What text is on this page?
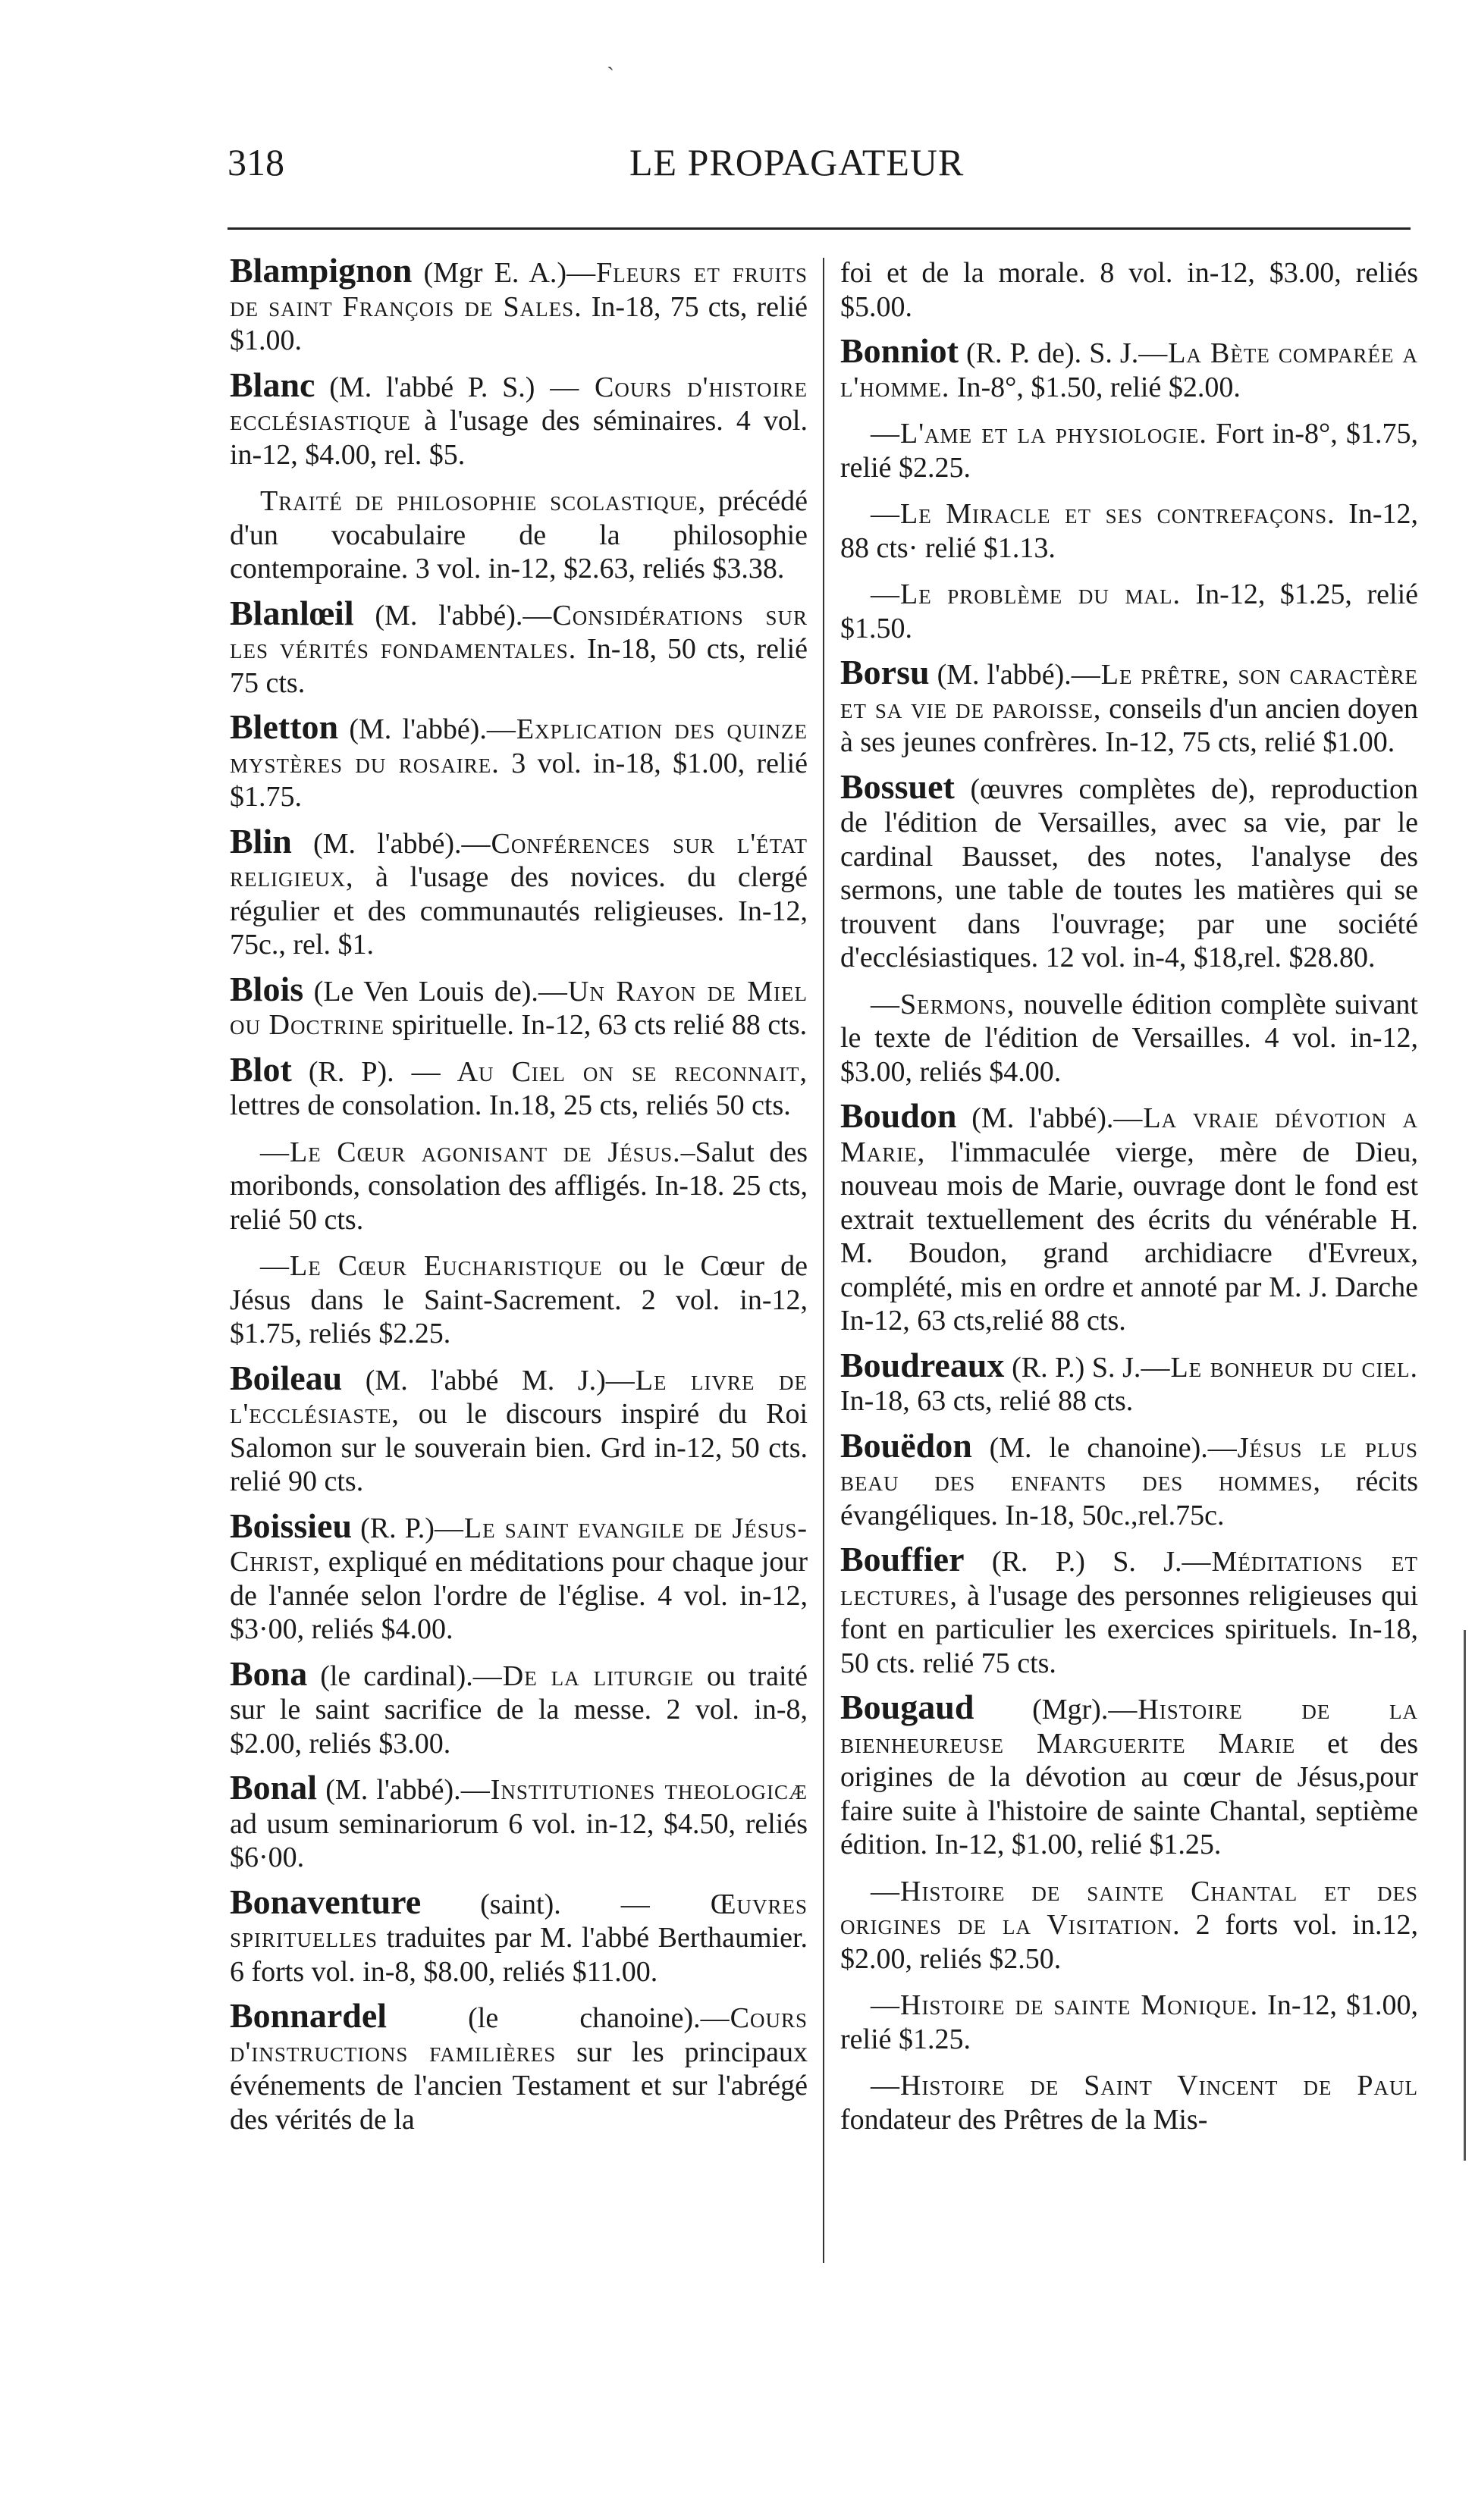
ˎ
318	LE PROPAGATEUR

Blampignon (Mgr E. A.)—Fleurs et fruits de saint François de Sales. In-18, 75 cts, relié $1.00.

Blanc (M. l'abbé P. S.) — Cours d'histoire ecclésiastique à l'usage des séminaires. 4 vol. in-12, $4.00, rel. $5.

Traité de philosophie scolastique, précédé d'un vocabulaire de la philosophie contemporaine. 3 vol. in-12, $2.63, reliés $3.38.

Blanlœil (M. l'abbé).—Considérations sur les vérités fondamentales. In-18, 50 cts, relié 75 cts.

Bletton (M. l'abbé).—Explication des quinze mystères du rosaire. 3 vol. in-18, $1.00, relié $1.75.

Blin (M. l'abbé).—Conférences sur l'état religieux, à l'usage des novices. du clergé régulier et des communautés religieuses. In-12, 75c., rel. $1.

Blois (Le Ven Louis de).—Un Rayon de Miel ou Doctrine spirituelle. In-12, 63 cts relié 88 cts.

Blot (R. P). — Au Ciel on se reconnait, lettres de consolation. In.18, 25 cts, reliés 50 cts.

—Le Cœur agonisant de Jésus.–Salut des moribonds, consolation des affligés. In-18. 25 cts, relié 50 cts.

—Le Cœur Eucharistique ou le Cœur de Jésus dans le Saint-Sacrement. 2 vol. in-12, $1.75, reliés $2.25.

Boileau (M. l'abbé M. J.)—Le livre de l'ecclésiaste, ou le discours inspiré du Roi Salomon sur le souverain bien. Grd in-12, 50 cts. relié 90 cts.

Boissieu (R. P.)—Le saint evangile de Jésus-Christ, expliqué en méditations pour chaque jour de l'année selon l'ordre de l'église. 4 vol. in-12, $3·00, reliés $4.00.

Bona (le cardinal).—De la liturgie ou traité sur le saint sacrifice de la messe. 2 vol. in-8, $2.00, reliés $3.00.

Bonal (M. l'abbé).—Institutiones theologicæ ad usum seminariorum 6 vol. in-12, $4.50, reliés $6·00.

Bonaventure (saint). — Œuvres spirituelles traduites par M. l'abbé Berthaumier. 6 forts vol. in-8, $8.00, reliés $11.00.

Bonnardel	(le chanoine).—Cours d'instructions familières sur les principaux événements de l'ancien Testament et sur l'abrégé des vérités de la

foi et de la morale. 8 vol. in-12, $3.00, reliés $5.00.

Bonniot (R. P. de). S. J.—La Bète comparée a l'homme. In-8°, $1.50, relié $2.00.

—L'ame et la physiologie. Fort in-8°, $1.75, relié $2.25.

—Le Miracle et ses contrefaçons. In-12, 88 cts· relié $1.13.

—Le problème du mal. In-12, $1.25, relié $1.50.

Borsu (M. l'abbé).—Le prêtre, son caractère et sa vie de paroisse, conseils d'un ancien doyen à ses jeunes confrères. In-12, 75 cts, relié $1.00.

Bossuet (œuvres complètes de), reproduction de l'édition de Versailles, avec sa vie, par le cardinal Bausset, des notes, l'analyse des sermons, une table de toutes les matières qui se trouvent dans l'ouvrage; par une société d'ecclésiastiques. 12 vol. in-4, $18,rel. $28.80.

—Sermons, nouvelle édition complète suivant le texte de l'édition de Versailles. 4 vol. in-12, $3.00, reliés $4.00.

Boudon (M. l'abbé).—La vraie dévotion a Marie, l'immaculée vierge, mère de Dieu, nouveau mois de Marie, ouvrage dont le fond est extrait textuellement des écrits du vénérable H. M. Boudon, grand archidiacre d'Evreux, complété, mis en ordre et annoté par M. J. Darche In-12, 63 cts,relié 88 cts.

Boudreaux (R. P.) S. J.—Le bonheur du ciel. In-18, 63 cts, relié 88 cts.

Bouëdon (M. le chanoine).—Jésus le plus beau des enfants des hommes, récits évangéliques. In-18, 50c.,rel.75c.

Bouffier (R. P.) S. J.—Méditations et lectures, à l'usage des personnes religieuses qui font en particulier les exercices spirituels. In-18, 50 cts. relié 75 cts.

Bougaud (Mgr).—Histoire de la bienheureuse Marguerite Marie et des origines de la dévotion au cœur de Jésus,pour faire suite à l'histoire de sainte Chantal, septième édition. In-12, $1.00, relié $1.25.

—Histoire de sainte Chantal et des origines de la Visitation. 2 forts vol. in.12, $2.00, reliés $2.50.

—Histoire de sainte Monique. In-12, $1.00, relié $1.25.

—Histoire de Saint Vincent de Paul fondateur des Prêtres de la Mis-
